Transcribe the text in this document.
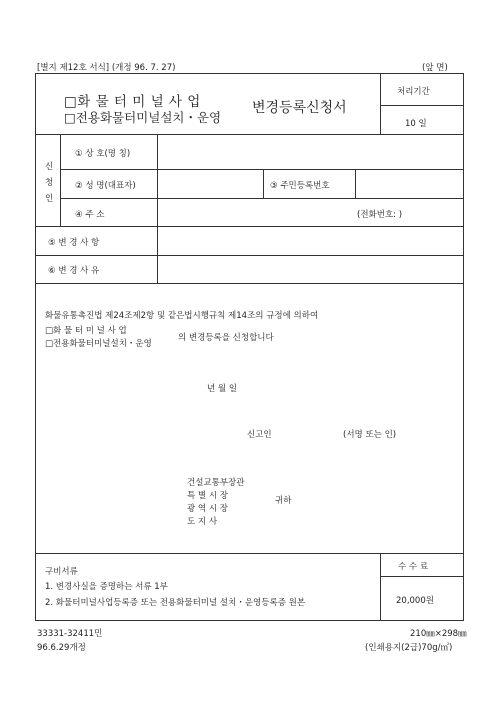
[별지 제12호 서식] (개정 96. 7. 27)	(앞 면)
□화 물 터 미 널 사 업
□전용화물터미널설치・운영
변경등록신청서
처리기간
10 일
신
청
인
① 상 호(명 칭)
② 성 명(대표자)	③ 주민등록번호
④ 주 소	(전화번호: )
⑤ 변 경 사 항
⑥ 변 경 사 유
화물유통촉진법 제24조제2항 및 같은법시행규칙 제14조의 규정에 의하여
□화 물 터 미 널 사 업
□전용화물터미널설치・운영
의 변경등록을 신청합니다
년 월 일
신고인	(서명 또는 인)
건설교통부장관
특 별 시 장
광 역 시 장
도 지 사
귀하
구비서류
1. 변경사실을 증명하는 서류 1부
2. 화물터미널사업등록증 또는 전용화물터미널 설치・운영등록증 원본
수 수 료
20,000원
33331-32411민
96.6.29개정
210㎜×298㎜
(인쇄용지(2급)70g/㎡)
